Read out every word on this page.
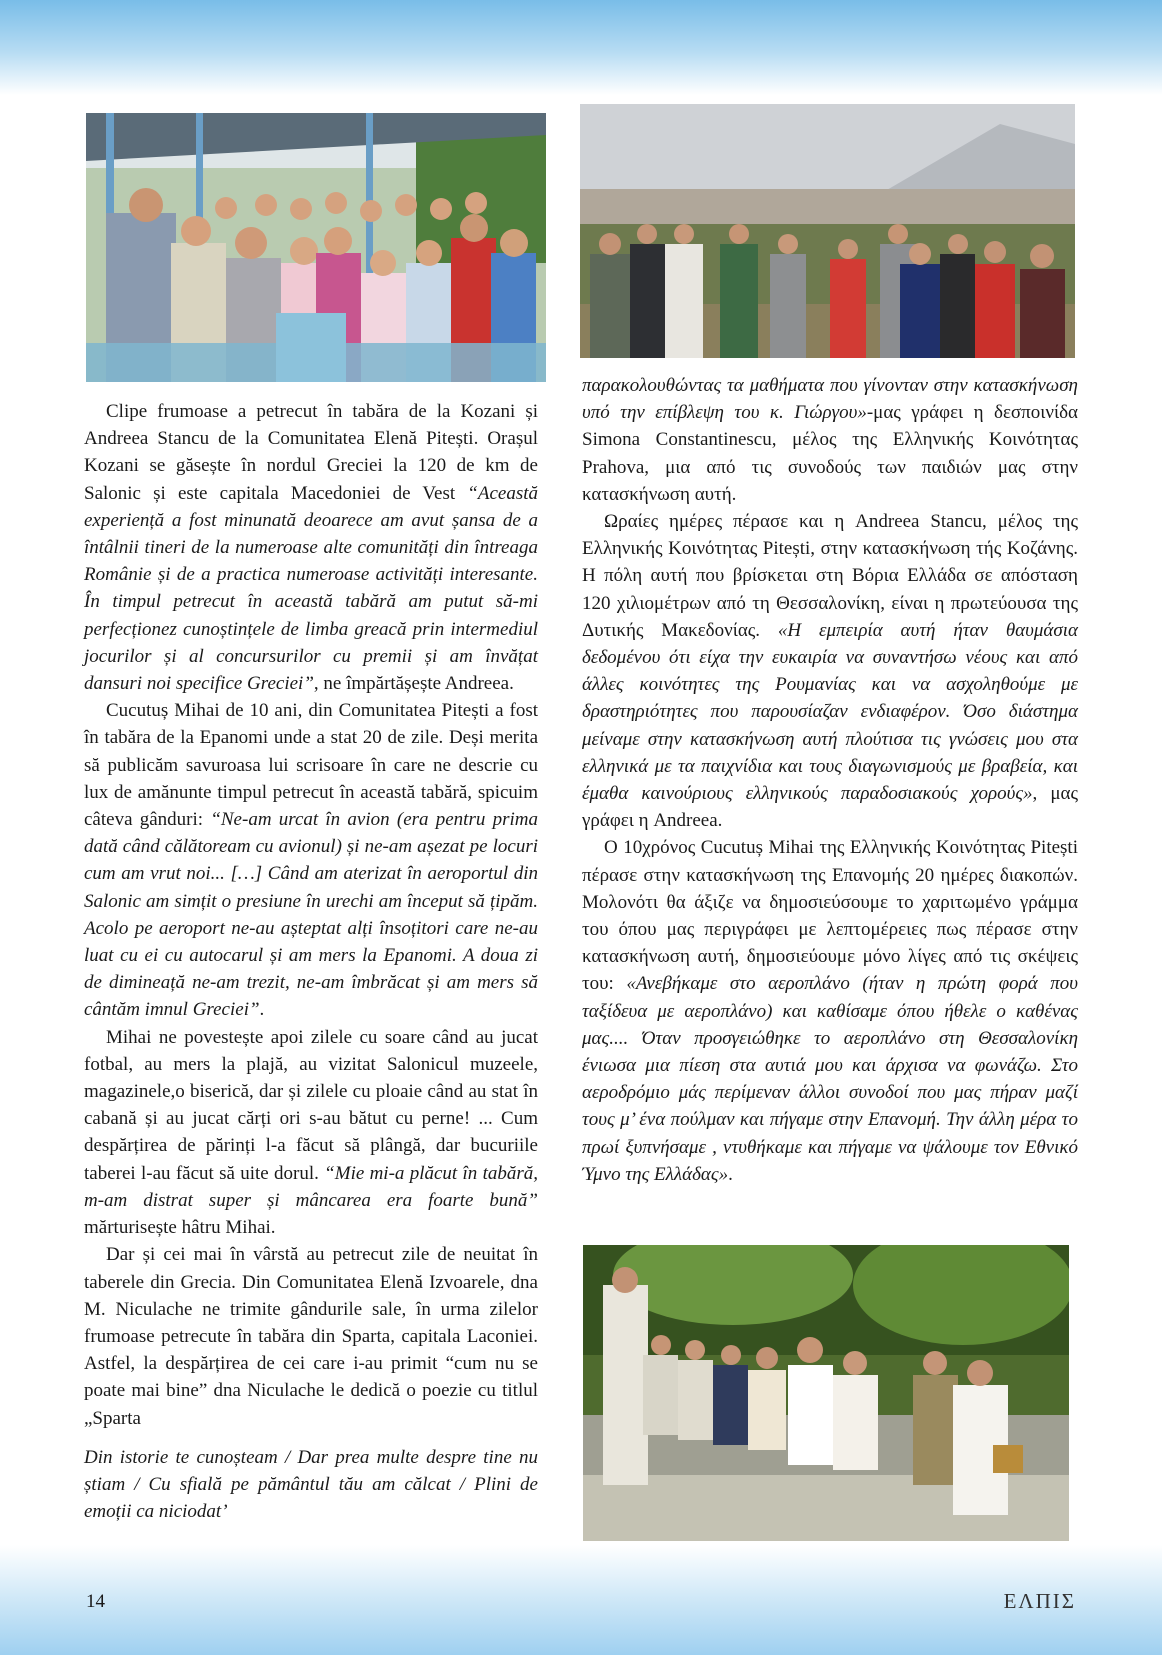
Clipe frumoase a petrecut în tabăra de la Kozani și Andreea Stancu de la Comunitatea Elenă Pitești. Orașul Kozani se găsește în nordul Greciei la 120 de km de Salonic și este capitala Macedoniei de Vest “Această experiență a fost minunată deoarece am avut șansa de a întâlnii tineri de la numeroase alte comunități din întreaga Românie și de a practica numeroase activități interesante. În timpul petrecut în această tabără am putut să-mi perfecționez cunoștințele de limba greacă prin intermediul jocurilor și al concursurilor cu premii și am învățat dansuri noi specifice Greciei”, ne împărtășește Andreea.

Cucutuș Mihai de 10 ani, din Comunitatea Pitești a fost în tabăra de la Epanomi unde a stat 20 de zile. Deși merita să publicăm savuroasa lui scrisoare în care ne descrie cu lux de amănunte timpul petrecut în această tabără, spicuim câteva gânduri: “Ne-am urcat în avion (era pentru prima dată când călătoream cu avionul) și ne-am așezat pe locuri cum am vrut noi... […] Când am aterizat în aeroportul din Salonic am simțit o presiune în urechi am început să țipăm. Acolo pe aeroport ne-au așteptat alți însoțitori care ne-au luat cu ei cu autocarul și am mers la Epanomi. A doua zi de dimineață ne-am trezit, ne-am îmbrăcat și am mers să cântăm imnul Greciei”.

Mihai ne povestește apoi zilele cu soare când au jucat fotbal, au mers la plajă, au vizitat Salonicul muzeele, magazinele,o biserică, dar și zilele cu ploaie când au stat în cabană și au jucat cărți ori s-au bătut cu perne! ... Cum despărțirea de părinți l-a făcut să plângă, dar bucuriile taberei l-au făcut să uite dorul. “Mie mi-a plăcut în tabără, m-am distrat super și mâncarea era foarte bună” mărturisește hâtru Mihai.

Dar și cei mai în vârstă au petrecut zile de neuitat în taberele din Grecia. Din Comunitatea Elenă Izvoarele, dna M. Niculache ne trimite gândurile sale, în urma zilelor frumoase petrecute în tabăra din Sparta, capitala Laconiei. Astfel, la despărțirea de cei care i-au primit “cum nu se poate mai bine” dna Niculache le dedică o poezie cu titlul „Sparta

Din istorie te cunoșteam / Dar prea multe despre tine nu știam / Cu sfială pe pământul tău am călcat / Plini de emoții ca niciodat’

παρακολουθώντας τα μαθήματα που γίνονταν στην κατασκήνωση υπό την επίβλεψη του κ. Γιώργου»-μας γράφει η δεσποινίδα Simona Constantinescu, μέλος της Ελληνικής Κοινότητας Prahova, μια από τις συνοδούς των παιδιών μας στην κατασκήνωση αυτή.

Ωραίες ημέρες πέρασε και η Andreea Stancu, μέλος της Ελληνικής Κοινότητας Pitești, στην κατασκήνωση τής Κοζάνης. Η πόλη αυτή που βρίσκεται στη Βόρια Ελλάδα σε απόσταση 120 χιλιομέτρων από τη Θεσσαλονίκη, είναι η πρωτεύουσα της Δυτικής Μακεδονίας. «Η εμπειρία αυτή ήταν θαυμάσια δεδομένου ότι είχα την ευκαιρία να συναντήσω νέους και από άλλες κοινότητες της Ρουμανίας και να ασχοληθούμε με δραστηριότητες που παρουσίαζαν ενδιαφέρον. Όσο διάστημα μείναμε στην κατασκήνωση αυτή πλούτισα τις γνώσεις μου στα ελληνικά με τα παιχνίδια και τους διαγωνισμούς με βραβεία, και έμαθα καινούριους ελληνικούς παραδοσιακούς χορούς», μας γράφει η Andreea.

Ο 10χρόνος Cucutuș Mihai της Ελληνικής Κοινότητας Pitești πέρασε στην κατασκήνωση της Επανομής 20 ημέρες διακοπών. Μολονότι θα άξιζε να δημοσιεύσουμε το χαριτωμένο γράμμα του όπου μας περιγράφει με λεπτομέρειες πως πέρασε στην κατασκήνωση αυτή, δημοσιεύουμε μόνο λίγες από τις σκέψεις του: «Ανεβήκαμε στο αεροπλάνο (ήταν η πρώτη φορά που ταξίδευα με αεροπλάνο) και καθίσαμε όπου ήθελε ο καθένας μας.... Όταν προσγειώθηκε το αεροπλάνο στη Θεσσαλονίκη ένιωσα μια πίεση στα αυτιά μου και άρχισα να φωνάζω. Στο αεροδρόμιο μάς περίμεναν άλλοι συνοδοί που μας πήραν μαζί τους μ’ ένα πούλμαν και πήγαμε στην Επανομή. Την άλλη μέρα το πρωί ξυπνήσαμε , ντυθήκαμε και πήγαμε να ψάλουμε τον Εθνικό Ύμνο της Ελλάδας».

14	ΕΛΠΙΣ
